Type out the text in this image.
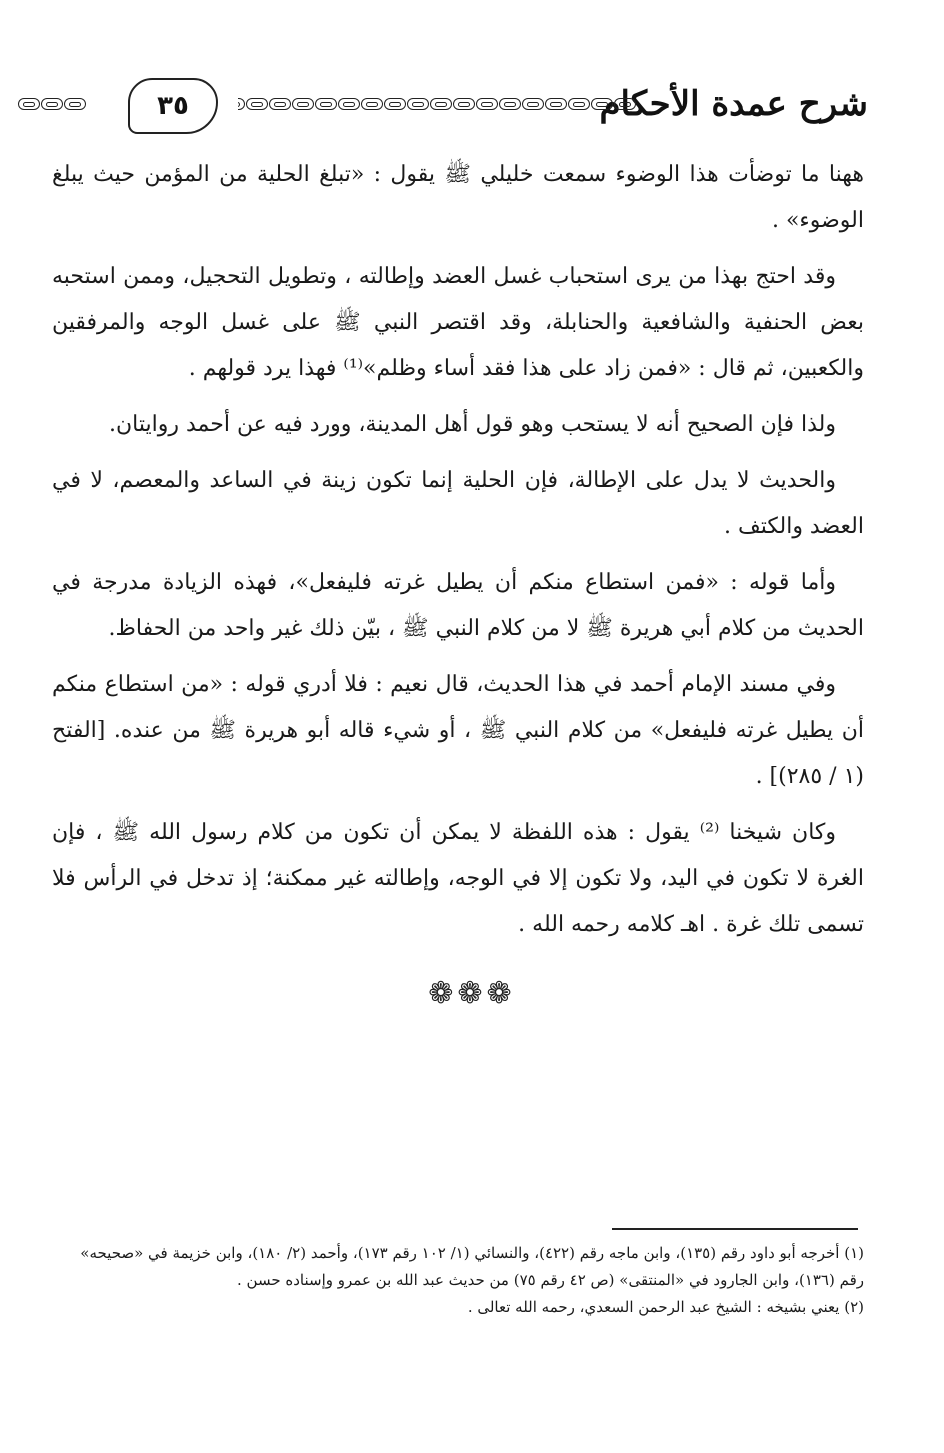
شرح عمدة الأحكام
٣٥

ههنا ما توضأت هذا الوضوء سمعت خليلي ﷺ يقول : «تبلغ الحلية من المؤمن حيث يبلغ الوضوء» .

وقد احتج بهذا من يرى استحباب غسل العضد وإطالته ، وتطويل التحجيل، وممن استحبه بعض الحنفية والشافعية والحنابلة، وقد اقتصر النبي ﷺ على غسل الوجه والمرفقين والكعبين، ثم قال : «فمن زاد على هذا فقد أساء وظلم»⁽¹⁾ فهذا يرد قولهم .

ولذا فإن الصحيح أنه لا يستحب وهو قول أهل المدينة، وورد فيه عن أحمد روايتان.

والحديث لا يدل على الإطالة، فإن الحلية إنما تكون زينة في الساعد والمعصم، لا في العضد والكتف .

وأما قوله : «فمن استطاع منكم أن يطيل غرته فليفعل»، فهذه الزيادة مدرجة في الحديث من كلام أبي هريرة ﷺ لا من كلام النبي ﷺ ، بيّن ذلك غير واحد من الحفاظ.

وفي مسند الإمام أحمد في هذا الحديث، قال نعيم : فلا أدري قوله : «من استطاع منكم أن يطيل غرته فليفعل» من كلام النبي ﷺ ، أو شيء قاله أبو هريرة ﷺ من عنده. [الفتح (١ / ٢٨٥)] .

وكان شيخنا ⁽²⁾ يقول : هذه اللفظة لا يمكن أن تكون من كلام رسول الله ﷺ ، فإن الغرة لا تكون في اليد، ولا تكون إلا في الوجه، وإطالته غير ممكنة؛ إذ تدخل في الرأس فلا تسمى تلك غرة . اهـ كلامه رحمه الله .

❁❁❁

(١) أخرجه أبو داود رقم (١٣٥)، وابن ماجه رقم (٤٢٢)، والنسائي (١/ ١٠٢ رقم ١٧٣)، وأحمد (٢/ ١٨٠)، وابن خزيمة في «صحيحه» رقم (١٣٦)، وابن الجارود في «المنتقى» (ص ٤٢ رقم ٧٥) من حديث عبد الله بن عمرو وإسناده حسن .

(٢) يعني بشيخه : الشيخ عبد الرحمن السعدي، رحمه الله تعالى .
